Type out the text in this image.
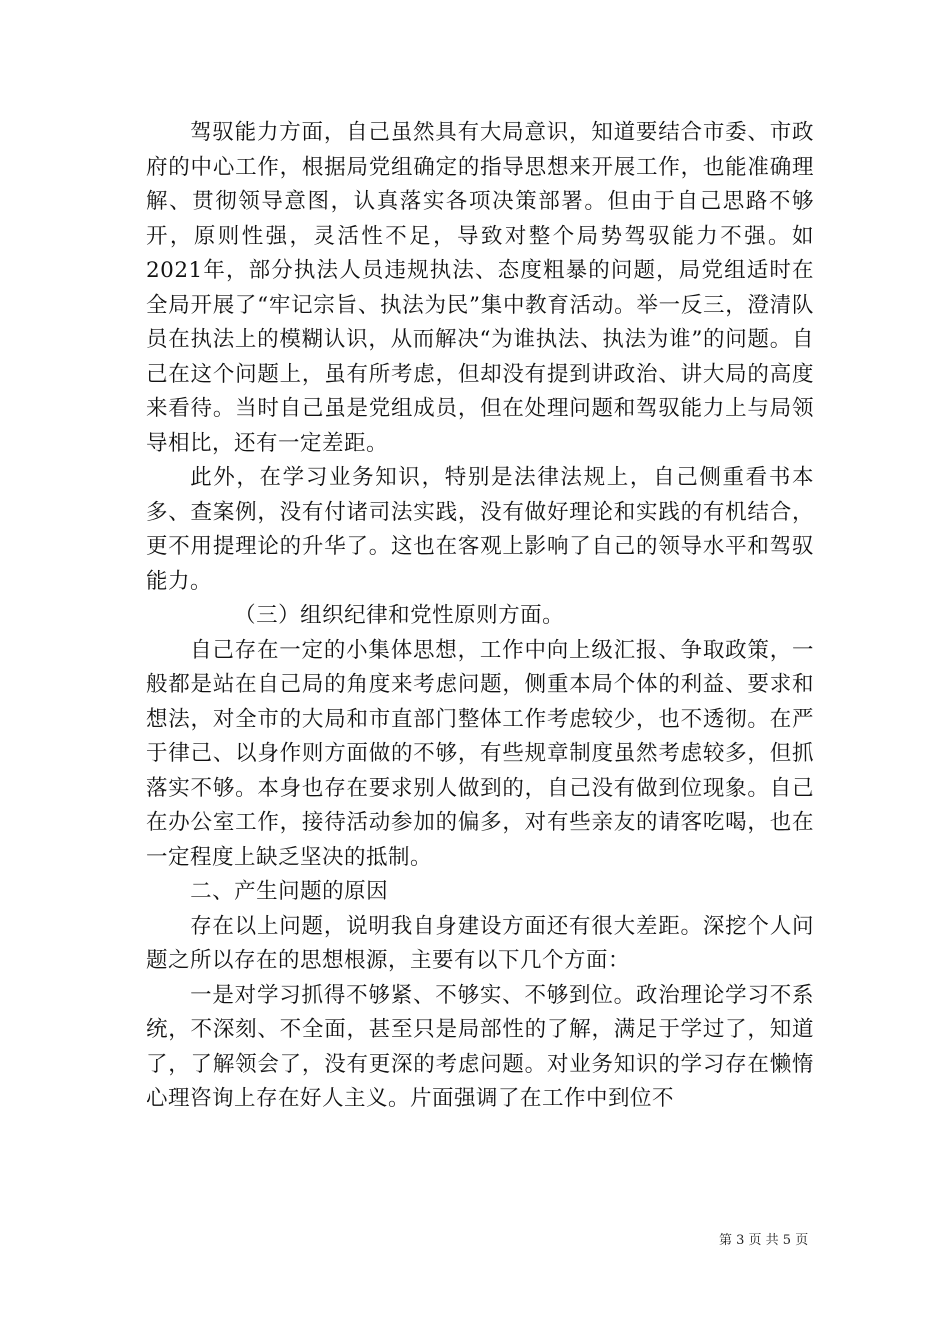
驾驭能力方面，自己虽然具有大局意识，知道要结合市委、市政府的中心工作，根据局党组确定的指导思想来开展工作，也能准确理解、贯彻领导意图，认真落实各项决策部署。但由于自己思路不够开，原则性强，灵活性不足，导致对整个局势驾驭能力不强。如2021年，部分执法人员违规执法、态度粗暴的问题，局党组适时在全局开展了“牢记宗旨、执法为民”集中教育活动。举一反三，澄清队员在执法上的模糊认识，从而解决“为谁执法、执法为谁”的问题。自己在这个问题上，虽有所考虑，但却没有提到讲政治、讲大局的高度来看待。当时自己虽是党组成员，但在处理问题和驾驭能力上与局领导相比，还有一定差距。

此外，在学习业务知识，特别是法律法规上，自己侧重看书本多、查案例，没有付诸司法实践，没有做好理论和实践的有机结合，更不用提理论的升华了。这也在客观上影响了自己的领导水平和驾驭能力。

（三）组织纪律和党性原则方面。

自己存在一定的小集体思想，工作中向上级汇报、争取政策，一般都是站在自己局的角度来考虑问题，侧重本局个体的利益、要求和想法，对全市的大局和市直部门整体工作考虑较少，也不透彻。在严于律己、以身作则方面做的不够，有些规章制度虽然考虑较多，但抓落实不够。本身也存在要求别人做到的，自己没有做到位现象。自己在办公室工作，接待活动参加的偏多，对有些亲友的请客吃喝，也在一定程度上缺乏坚决的抵制。

二、产生问题的原因

存在以上问题，说明我自身建设方面还有很大差距。深挖个人问题之所以存在的思想根源，主要有以下几个方面：

一是对学习抓得不够紧、不够实、不够到位。政治理论学习不系统，不深刻、不全面，甚至只是局部性的了解，满足于学过了，知道了，了解领会了，没有更深的考虑问题。对业务知识的学习存在懒惰心理咨询上存在好人主义。片面强调了在工作中到位不

第 3 页 共 5 页
